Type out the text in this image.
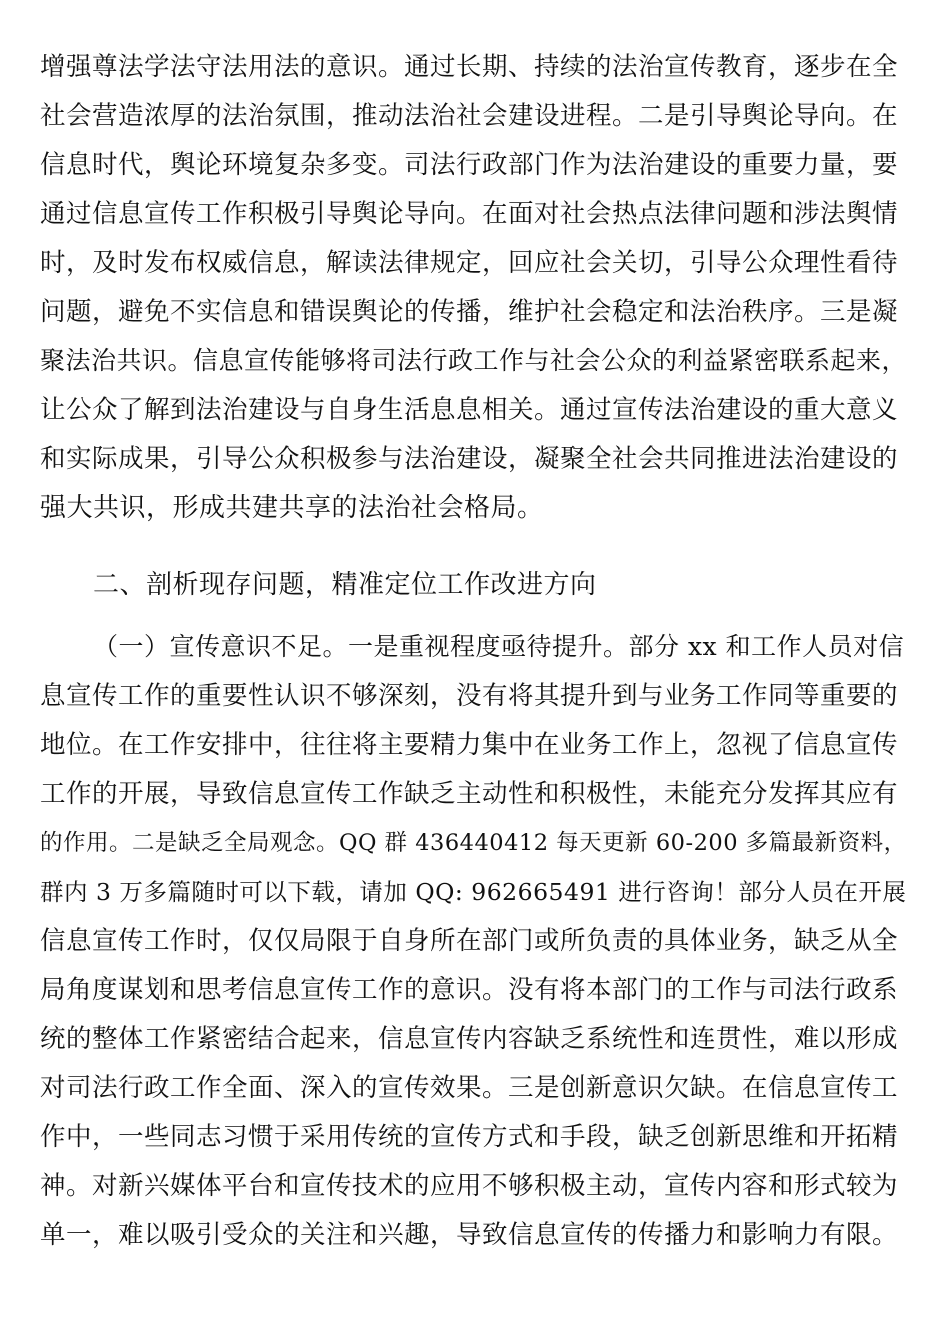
增强尊法学法守法用法的意识。通过长期、持续的法治宣传教育，逐步在全
社会营造浓厚的法治氛围，推动法治社会建设进程。二是引导舆论导向。在
信息时代，舆论环境复杂多变。司法行政部门作为法治建设的重要力量，要
通过信息宣传工作积极引导舆论导向。在面对社会热点法律问题和涉法舆情
时，及时发布权威信息，解读法律规定，回应社会关切，引导公众理性看待
问题，避免不实信息和错误舆论的传播，维护社会稳定和法治秩序。三是凝
聚法治共识。信息宣传能够将司法行政工作与社会公众的利益紧密联系起来，
让公众了解到法治建设与自身生活息息相关。通过宣传法治建设的重大意义
和实际成果，引导公众积极参与法治建设，凝聚全社会共同推进法治建设的
强大共识，形成共建共享的法治社会格局。
二、剖析现存问题，精准定位工作改进方向
（一）宣传意识不足。一是重视程度亟待提升。部分 xx 和工作人员对信
息宣传工作的重要性认识不够深刻，没有将其提升到与业务工作同等重要的
地位。在工作安排中，往往将主要精力集中在业务工作上，忽视了信息宣传
工作的开展，导致信息宣传工作缺乏主动性和积极性，未能充分发挥其应有
的作用。二是缺乏全局观念。QQ 群 436440412 每天更新 60-200 多篇最新资料，
群内 3 万多篇随时可以下载，请加 QQ: 962665491 进行咨询！部分人员在开展
信息宣传工作时，仅仅局限于自身所在部门或所负责的具体业务，缺乏从全
局角度谋划和思考信息宣传工作的意识。没有将本部门的工作与司法行政系
统的整体工作紧密结合起来，信息宣传内容缺乏系统性和连贯性，难以形成
对司法行政工作全面、深入的宣传效果。三是创新意识欠缺。在信息宣传工
作中，一些同志习惯于采用传统的宣传方式和手段，缺乏创新思维和开拓精
神。对新兴媒体平台和宣传技术的应用不够积极主动，宣传内容和形式较为
单一，难以吸引受众的关注和兴趣，导致信息宣传的传播力和影响力有限。
